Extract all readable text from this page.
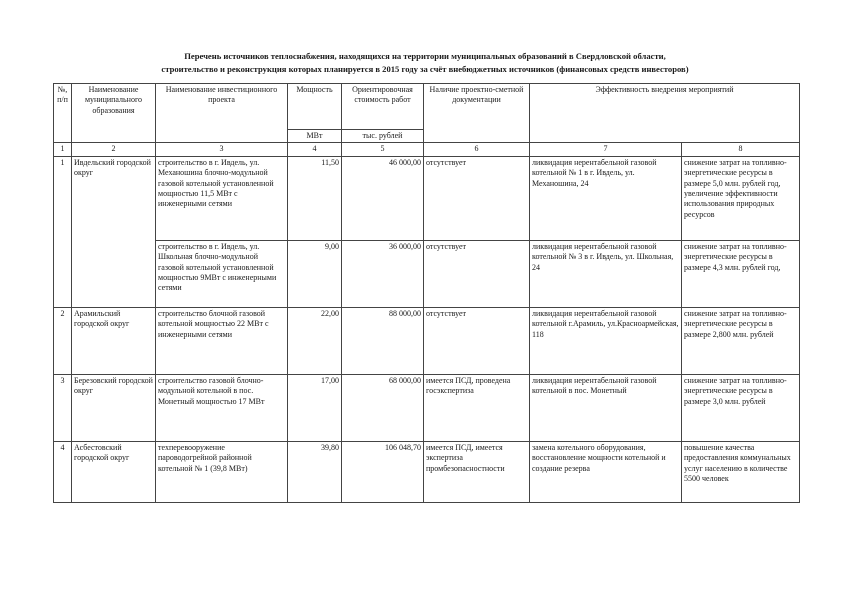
Перечень источников теплоснабжения, находящихся на территории муниципальных образований в Свердловской области,
строительство и реконструкция которых планируется в 2015 году за счёт внебюджетных источников (финансовых средств инвесторов)
№, п/п	Наименование муниципального образования	Наименование инвестиционного проекта	Мощность	Ориентировочная стоимость работ	Наличие проектно-сметной документации	Эффективность внедрения мероприятий	
			МВт	тыс. рублей			
1	2	3	4	5	6	7	8
1	Ивдельский городской округ	строительство в г. Ивдель, ул. Механошина блочно-модульной газовой котельной установленной мощностью 11,5 МВт с инженерными сетями	11,50	46 000,00	отсутствует	ликвидация нерентабельной газовой котельной № 1 в г. Ивдель, ул. Механошина, 24	снижение затрат на топливно-энергетические ресурсы в размере 5,0 млн. рублей год, увеличение эффективности использования природных ресурсов
		строительство в г. Ивдель, ул. Школьная блочно-модульной газовой котельной установленной мощностью 9МВт с инженерными сетями	9,00	36 000,00	отсутствует	ликвидация нерентабельной газовой котельной № 3 в г. Ивдель, ул. Школьная, 24	снижение затрат на топливно-энергетические ресурсы в размере 4,3 млн. рублей год,
2	Арамильский городской округ	строительство блочной газовой котельной мощностью 22 МВт с инженерными сетями	22,00	88 000,00	отсутствует	ликвидация нерентабельной газовой котельной г.Арамиль, ул.Красноармейская, 118	снижение затрат на топливно-энергетические ресурсы в размере 2,800 млн. рублей
3	Березовский городской округ	строительство газовой блочно-модульной котельной в пос. Монетный мощностью 17 МВт	17,00	68 000,00	имеется ПСД, проведена госэкспертиза	ликвидация нерентабельной газовой котельной в пос. Монетный	снижение затрат на топливно-энергетические ресурсы в размере 3,0 млн. рублей
4	Асбестовский городской округ	техперевооружение пароводогрейной районной котельной № 1 (39,8 МВт)	39,80	106 048,70	имеется ПСД, имеется экспертиза промбезопасностности	замена котельного оборудования, восстановление мощности котельной и создание резерва	повышение качества предоставления коммунальных услуг населению в количестве 5500 человек
